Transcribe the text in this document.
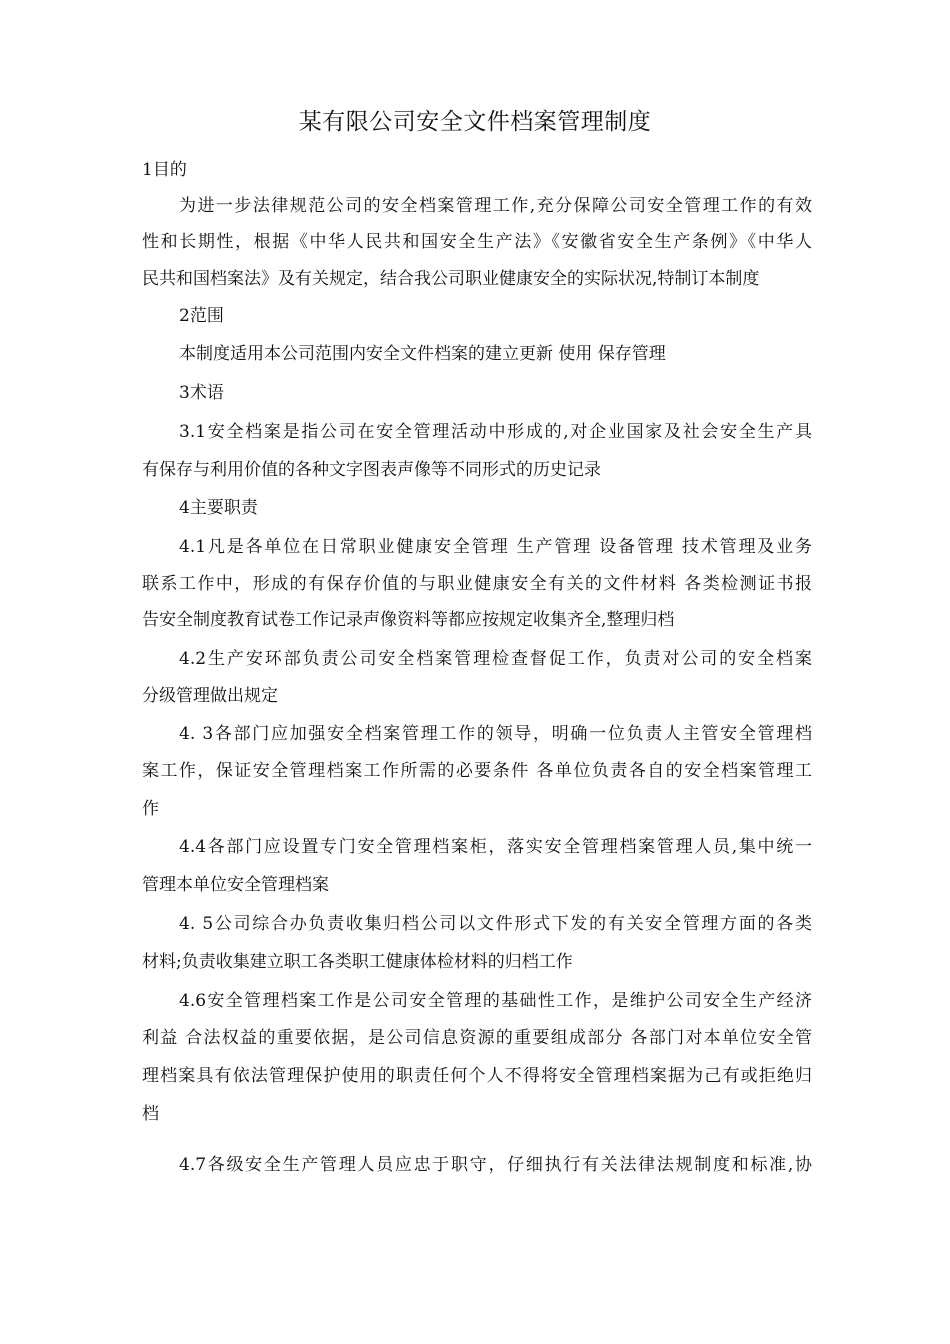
某有限公司安全文件档案管理制度
1目的
为进一步法律规范公司的安全档案管理工作,充分保障公司安全管理工作的有效
性和长期性，根据《中华人民共和国安全生产法》《安徽省安全生产条例》《中华人
民共和国档案法》及有关规定，结合我公司职业健康安全的实际状况,特制订本制度
2范围
本制度适用本公司范围内安全文件档案的建立更新 使用 保存管理
3术语
3.1安全档案是指公司在安全管理活动中形成的,对企业国家及社会安全生产具
有保存与利用价值的各种文字图表声像等不同形式的历史记录
4主要职责
4.1凡是各单位在日常职业健康安全管理 生产管理 设备管理 技术管理及业务
联系工作中，形成的有保存价值的与职业健康安全有关的文件材料 各类检测证书报
告安全制度教育试卷工作记录声像资料等都应按规定收集齐全,整理归档
4.2生产安环部负责公司安全档案管理检查督促工作，负责对公司的安全档案
分级管理做出规定
4. 3各部门应加强安全档案管理工作的领导，明确一位负责人主管安全管理档
案工作，保证安全管理档案工作所需的必要条件 各单位负责各自的安全档案管理工
作
4.4各部门应设置专门安全管理档案柜，落实安全管理档案管理人员,集中统一
管理本单位安全管理档案
4. 5公司综合办负责收集归档公司以文件形式下发的有关安全管理方面的各类
材料;负责收集建立职工各类职工健康体检材料的归档工作
4.6安全管理档案工作是公司安全管理的基础性工作，是维护公司安全生产经济
利益 合法权益的重要依据，是公司信息资源的重要组成部分 各部门对本单位安全管
理档案具有依法管理保护使用的职责任何个人不得将安全管理档案据为己有或拒绝归
档
4.7各级安全生产管理人员应忠于职守，仔细执行有关法律法规制度和标准,协
